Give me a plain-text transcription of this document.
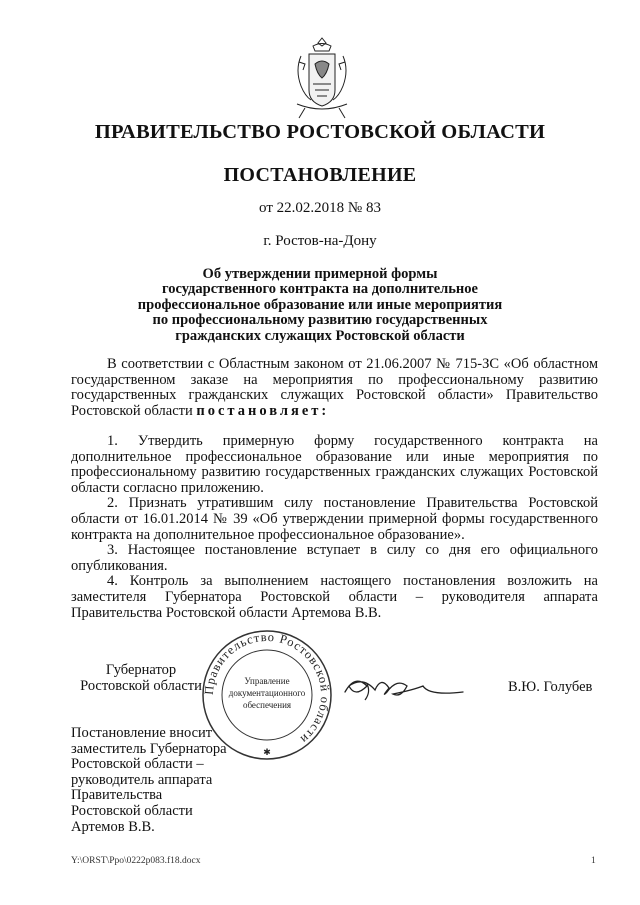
ПРАВИТЕЛЬСТВО РОСТОВСКОЙ ОБЛАСТИ
ПОСТАНОВЛЕНИЕ
от 22.02.2018 № 83
г. Ростов-на-Дону
Об утверждении примерной формы
государственного контракта на дополнительное
профессиональное образование или иные мероприятия
по профессиональному развитию государственных
гражданских служащих Ростовской области

В соответствии с Областным законом от 21.06.2007 № 715-ЗС «Об областном государственном заказе на мероприятия по профессиональному развитию государственных гражданских служащих Ростовской области» Правительство Ростовской области постановляет:

1. Утвердить примерную форму государственного контракта на дополнительное профессиональное образование или иные мероприятия по профессиональному развитию государственных гражданских служащих Ростовской области согласно приложению.

2. Признать утратившим силу постановление Правительства Ростовской области от 16.01.2014 № 39 «Об утверждении примерной формы государственного контракта на дополнительное профессиональное образование».

3. Настоящее постановление вступает в силу со дня его официального опубликования.

4. Контроль за выполнением настоящего постановления возложить на заместителя Губернатора Ростовской области – руководителя аппарата Правительства Ростовской области Артемова В.В.

Губернатор
Ростовской области Правительство Ростовской области
Управление
документационного
обеспечения
✱
В.Ю. Голубев
Постановление вносит
заместитель Губернатора
Ростовской области –
руководитель аппарата
Правительства
Ростовской области
Артемов В.В.
Y:\ORST\Ppo\0222p083.f18.docx	1
